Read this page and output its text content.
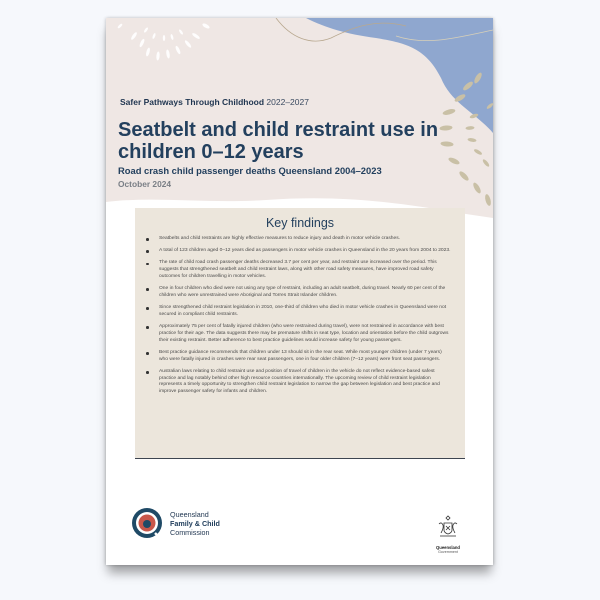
Safer Pathways Through Childhood 2022–2027
Seatbelt and child restraint use in children 0–12 years
Road crash child passenger deaths Queensland 2004–2023
October 2024
Key findings
Seatbelts and child restraints are highly effective measures to reduce injury and death in motor vehicle crashes.
A total of 123 children aged 0–12 years died as passengers in motor vehicle crashes in Queensland in the 20 years from 2004 to 2023.
The rate of child road crash passenger deaths decreased 3.7 per cent per year, and restraint use increased over the period. This suggests that strengthened seatbelt and child restraint laws, along with other road safety measures, have improved road safety outcomes for children travelling in motor vehicles.
One in four children who died were not using any type of restraint, including an adult seatbelt, during travel. Nearly 60 per cent of the children who were unrestrained were Aboriginal and Torres Strait Islander children.
Since strengthened child restraint legislation in 2010, one-third of children who died in motor vehicle crashes in Queensland were not secured in compliant child restraints.
Approximately 75 per cent of fatally injured children (who were restrained during travel), were not restrained in accordance with best practice for their age. The data suggests there may be premature shifts in seat type, location and orientation before the child outgrows their existing restraint. Better adherence to best practice guidelines would increase safety for young passengers.
Best practice guidance recommends that children under 13 should sit in the rear seat. While most younger children (under 7 years) who were fatally injured in crashes were rear seat passengers, one in four older children (7–12 years) were front seat passengers.
Australian laws relating to child restraint use and position of travel of children in the vehicle do not reflect evidence-based safest practice and lag notably behind other high resource countries internationally. The upcoming review of child restraint legislation represents a timely opportunity to strengthen child restraint legislation to narrow the gap between legislation and best practice and improve passenger safety for infants and children.
Queensland
Family & Child
Commission
Queensland
Government
